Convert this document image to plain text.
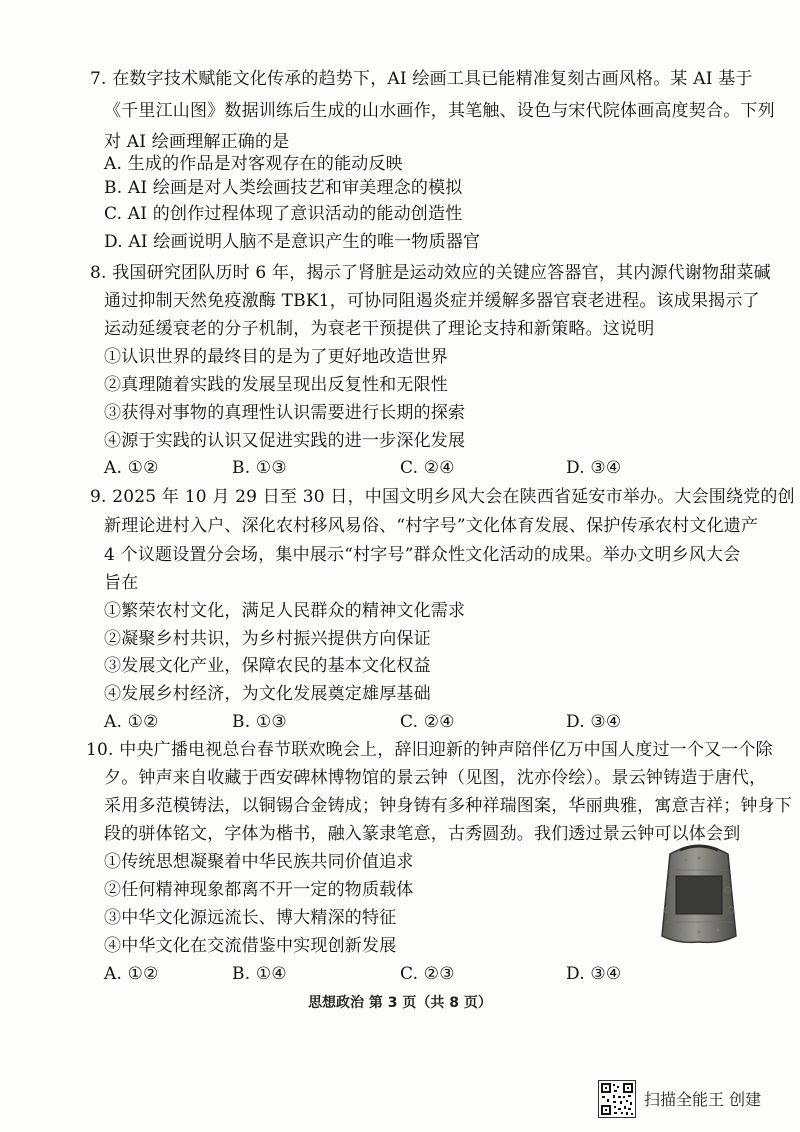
7. 在数字技术赋能文化传承的趋势下，AI 绘画工具已能精准复刻古画风格。某 AI 基于
《千里江山图》数据训练后生成的山水画作，其笔触、设色与宋代院体画高度契合。下列
对 AI 绘画理解正确的是
A. 生成的作品是对客观存在的能动反映
B. AI 绘画是对人类绘画技艺和审美理念的模拟
C. AI 的创作过程体现了意识活动的能动创造性
D. AI 绘画说明人脑不是意识产生的唯一物质器官
8. 我国研究团队历时 6 年，揭示了肾脏是运动效应的关键应答器官，其内源代谢物甜菜碱
通过抑制天然免疫激酶 TBK1，可协同阻遏炎症并缓解多器官衰老进程。该成果揭示了
运动延缓衰老的分子机制，为衰老干预提供了理论支持和新策略。这说明
①认识世界的最终目的是为了更好地改造世界
②真理随着实践的发展呈现出反复性和无限性
③获得对事物的真理性认识需要进行长期的探索
④源于实践的认识又促进实践的进一步深化发展
A. ①②	B. ①③	C. ②④	D. ③④
9. 2025 年 10 月 29 日至 30 日，中国文明乡风大会在陕西省延安市举办。大会围绕党的创
新理论进村入户、深化农村移风易俗、“村字号”文化体育发展、保护传承农村文化遗产
4 个议题设置分会场，集中展示“村字号”群众性文化活动的成果。举办文明乡风大会
旨在
①繁荣农村文化，满足人民群众的精神文化需求
②凝聚乡村共识，为乡村振兴提供方向保证
③发展文化产业，保障农民的基本文化权益
④发展乡村经济，为文化发展奠定雄厚基础
A. ①②	B. ①③	C. ②④	D. ③④
10. 中央广播电视总台春节联欢晚会上，辞旧迎新的钟声陪伴亿万中国人度过一个又一个除
夕。钟声来自收藏于西安碑林博物馆的景云钟（见图，沈亦伶绘）。景云钟铸造于唐代，
采用多范模铸法，以铜锡合金铸成；钟身铸有多种祥瑞图案，华丽典雅，寓意吉祥；钟身下
段的骈体铭文，字体为楷书，融入篆隶笔意，古秀圆劲。我们透过景云钟可以体会到
①传统思想凝聚着中华民族共同价值追求
②任何精神现象都离不开一定的物质载体
③中华文化源远流长、博大精深的特征
④中华文化在交流借鉴中实现创新发展
A. ①②	B. ①④	C. ②③	D. ③④
思想政治 第 3 页（共 8 页）
扫描全能王 创建
